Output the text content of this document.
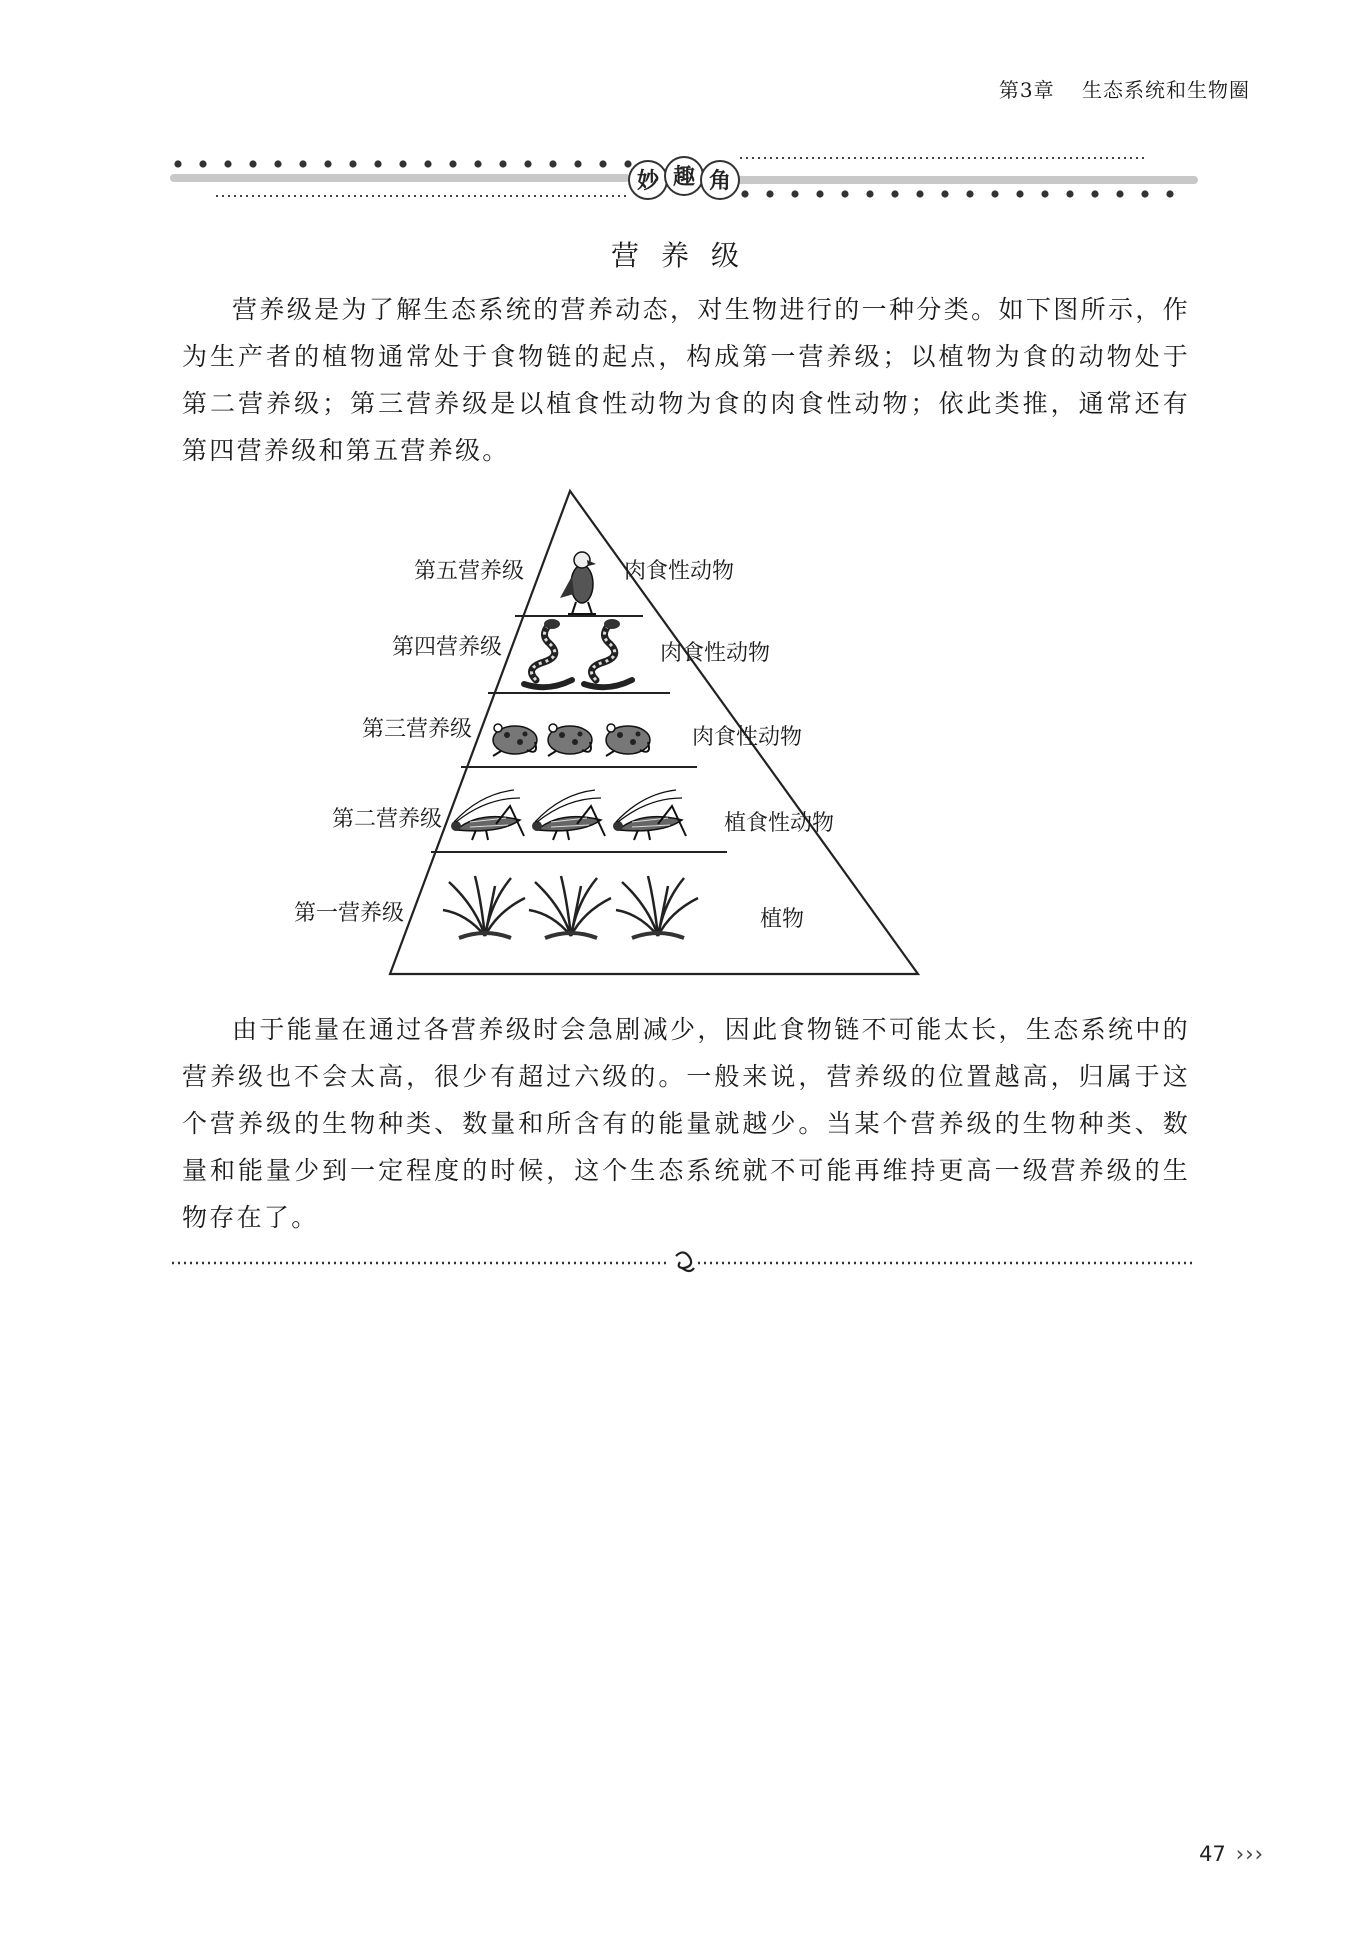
第3章 生态系统和生物圈
妙 趣 角
营养级

营养级是为了解生态系统的营养动态，对生物进行的一种分类。如下图所示，作为生产者的植物通常处于食物链的起点，构成第一营养级；以植物为食的动物处于第二营养级；第三营养级是以植食性动物为食的肉食性动物；依此类推，通常还有第四营养级和第五营养级。

第五营养级	肉食性动物
第四营养级	肉食性动物
第三营养级	肉食性动物
第二营养级	植食性动物
第一营养级	植物

由于能量在通过各营养级时会急剧减少，因此食物链不可能太长，生态系统中的营养级也不会太高，很少有超过六级的。一般来说，营养级的位置越高，归属于这个营养级的生物种类、数量和所含有的能量就越少。当某个营养级的生物种类、数量和能量少到一定程度的时候，这个生态系统就不可能再维持更高一级营养级的生物存在了。

47 ›››
